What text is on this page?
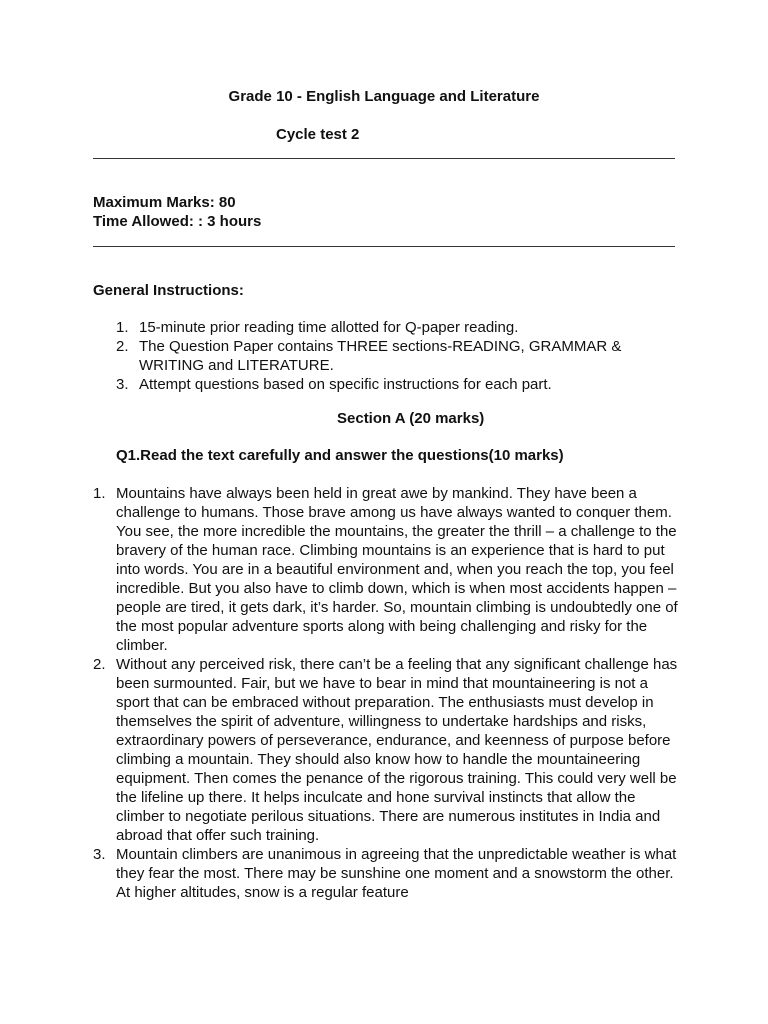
Grade 10 - English Language and Literature
Cycle test 2
Maximum Marks: 80
Time Allowed: : 3 hours
General Instructions:
1. 15-minute prior reading time allotted for Q-paper reading.
2. The Question Paper contains THREE sections-READING, GRAMMAR & WRITING and LITERATURE.
3. Attempt questions based on specific instructions for each part.
Section A (20 marks)
Q1.Read the text carefully and answer the questions(10 marks)
1. Mountains have always been held in great awe by mankind. They have been a challenge to humans. Those brave among us have always wanted to conquer them. You see, the more incredible the mountains, the greater the thrill – a challenge to the bravery of the human race. Climbing mountains is an experience that is hard to put into words. You are in a beautiful environment and, when you reach the top, you feel incredible. But you also have to climb down, which is when most accidents happen – people are tired, it gets dark, it’s harder. So, mountain climbing is undoubtedly one of the most popular adventure sports along with being challenging and risky for the climber.
2. Without any perceived risk, there can’t be a feeling that any significant challenge has been surmounted. Fair, but we have to bear in mind that mountaineering is not a sport that can be embraced without preparation. The enthusiasts must develop in themselves the spirit of adventure, willingness to undertake hardships and risks, extraordinary powers of perseverance, endurance, and keenness of purpose before climbing a mountain. They should also know how to handle the mountaineering equipment. Then comes the penance of the rigorous training. This could very well be the lifeline up there. It helps inculcate and hone survival instincts that allow the climber to negotiate perilous situations. There are numerous institutes in India and abroad that offer such training.
3. Mountain climbers are unanimous in agreeing that the unpredictable weather is what they fear the most. There may be sunshine one moment and a snowstorm the other. At higher altitudes, snow is a regular feature
